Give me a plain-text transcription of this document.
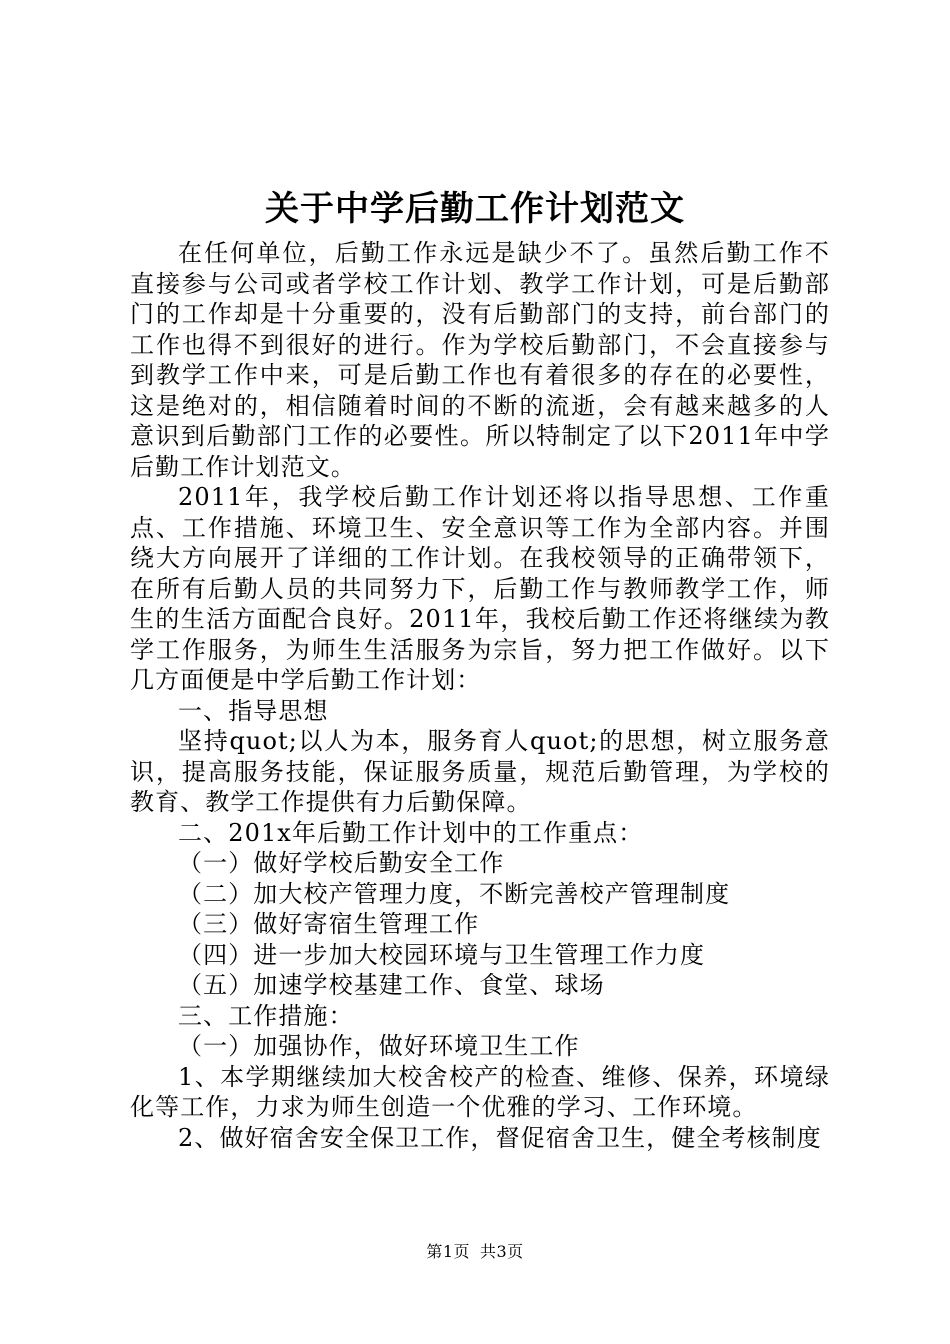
关于中学后勤工作计划范文

在任何单位，后勤工作永远是缺少不了。虽然后勤工作不直接参与公司或者学校工作计划、教学工作计划，可是后勤部门的工作却是十分重要的，没有后勤部门的支持，前台部门的工作也得不到很好的进行。作为学校后勤部门，不会直接参与到教学工作中来，可是后勤工作也有着很多的存在的必要性，这是绝对的，相信随着时间的不断的流逝，会有越来越多的人意识到后勤部门工作的必要性。所以特制定了以下2011年中学后勤工作计划范文。

2011年，我学校后勤工作计划还将以指导思想、工作重点、工作措施、环境卫生、安全意识等工作为全部内容。并围绕大方向展开了详细的工作计划。在我校领导的正确带领下，在所有后勤人员的共同努力下，后勤工作与教师教学工作，师生的生活方面配合良好。2011年，我校后勤工作还将继续为教学工作服务，为师生生活服务为宗旨，努力把工作做好。以下几方面便是中学后勤工作计划：

一、指导思想

坚持quot;以人为本，服务育人quot;的思想，树立服务意识，提高服务技能，保证服务质量，规范后勤管理，为学校的教育、教学工作提供有力后勤保障。

二、201x年后勤工作计划中的工作重点：

（一）做好学校后勤安全工作

（二）加大校产管理力度，不断完善校产管理制度

（三）做好寄宿生管理工作

（四）进一步加大校园环境与卫生管理工作力度

（五）加速学校基建工作、食堂、球场

三、工作措施：

（一）加强协作，做好环境卫生工作

1、本学期继续加大校舍校产的检查、维修、保养，环境绿化等工作，力求为师生创造一个优雅的学习、工作环境。

2、做好宿舍安全保卫工作，督促宿舍卫生，健全考核制度

第1页 共3页
